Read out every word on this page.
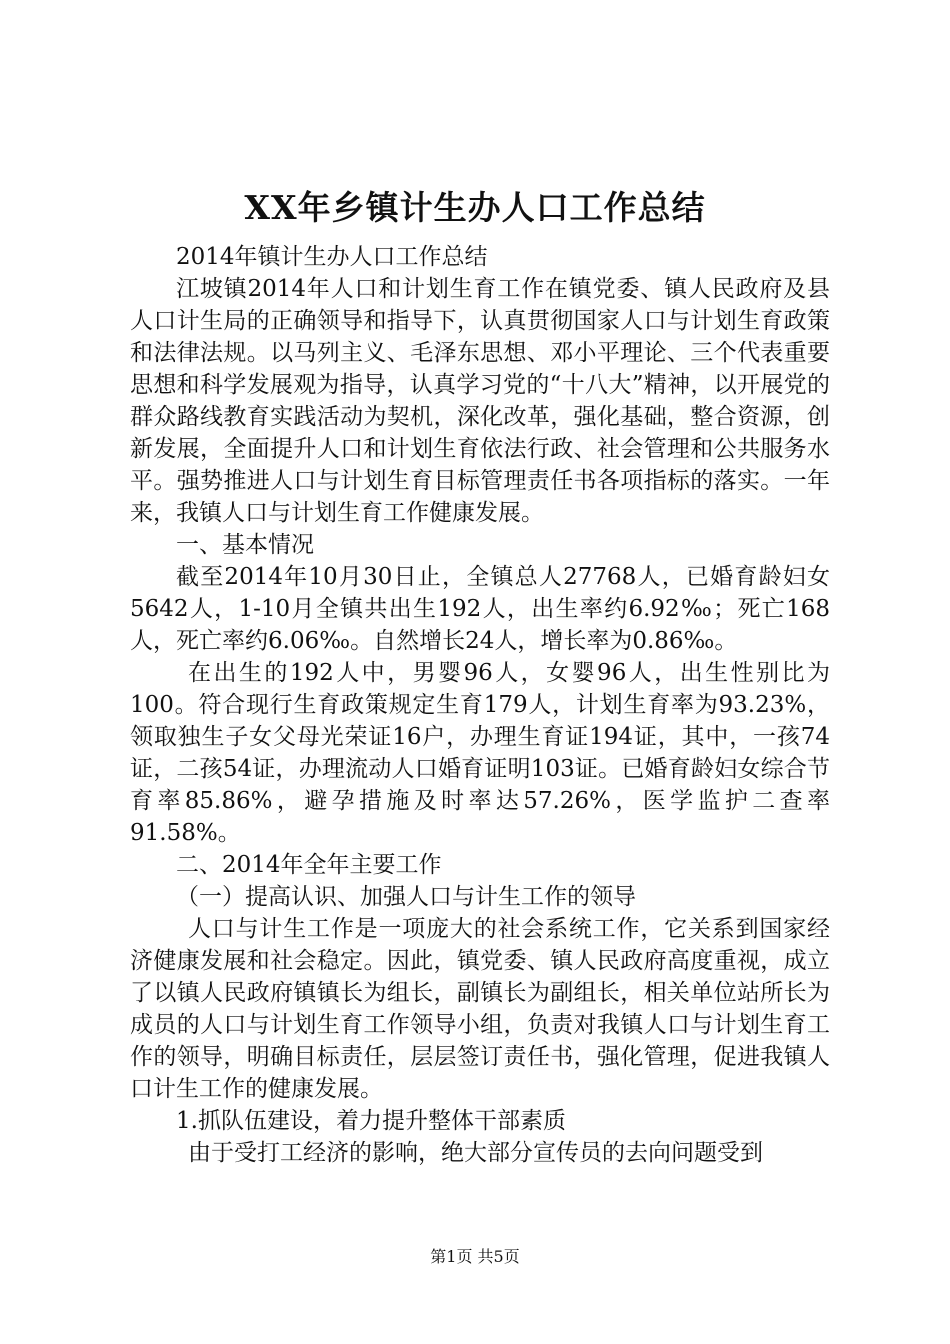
XX年乡镇计生办人口工作总结

2014年镇计生办人口工作总结

江坡镇2014年人口和计划生育工作在镇党委、镇人民政府及县人口计生局的正确领导和指导下，认真贯彻国家人口与计划生育政策和法律法规。以马列主义、毛泽东思想、邓小平理论、三个代表重要思想和科学发展观为指导，认真学习党的“十八大”精神，以开展党的群众路线教育实践活动为契机，深化改革，强化基础，整合资源，创新发展，全面提升人口和计划生育依法行政、社会管理和公共服务水平。强势推进人口与计划生育目标管理责任书各项指标的落实。一年来，我镇人口与计划生育工作健康发展。

一、基本情况

截至2014年10月30日止，全镇总人27768人，已婚育龄妇女5642人，1-10月全镇共出生192人，出生率约6.92‰；死亡168人，死亡率约6.06‰。自然增长24人，增长率为0.86‰。

在出生的192人中，男婴96人，女婴96人，出生性别比为100。符合现行生育政策规定生育179人，计划生育率为93.23%，领取独生子女父母光荣证16户，办理生育证194证，其中，一孩74证，二孩54证，办理流动人口婚育证明103证。已婚育龄妇女综合节育率85.86%，避孕措施及时率达57.26%，医学监护二查率91.58%。

二、2014年全年主要工作

（一）提高认识、加强人口与计生工作的领导

人口与计生工作是一项庞大的社会系统工作，它关系到国家经济健康发展和社会稳定。因此，镇党委、镇人民政府高度重视，成立了以镇人民政府镇镇长为组长，副镇长为副组长，相关单位站所长为成员的人口与计划生育工作领导小组，负责对我镇人口与计划生育工作的领导，明确目标责任，层层签订责任书，强化管理，促进我镇人口计生工作的健康发展。

1.抓队伍建设，着力提升整体干部素质

由于受打工经济的影响，绝大部分宣传员的去向问题受到

第1页 共5页
